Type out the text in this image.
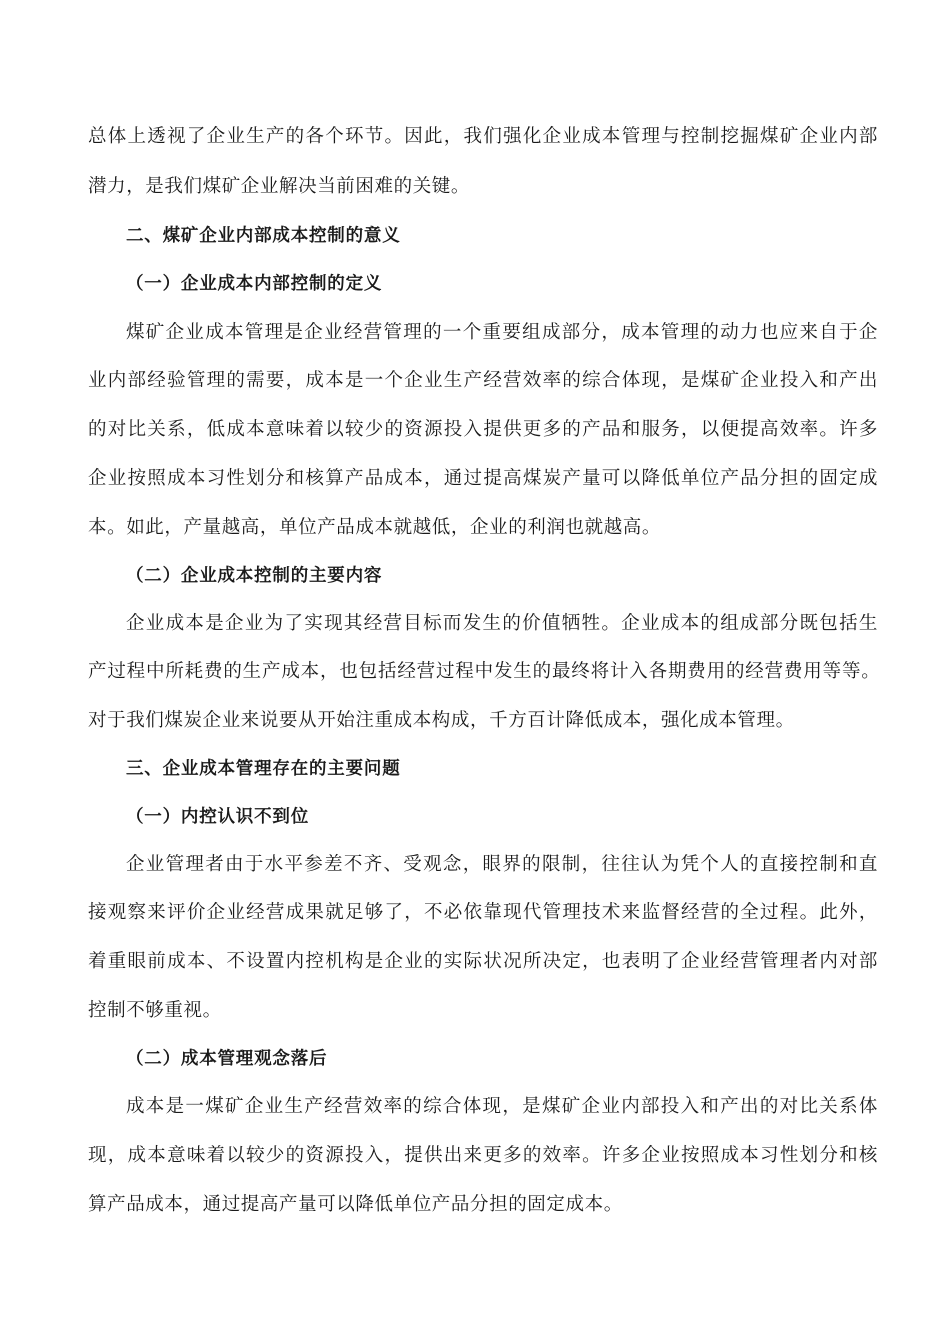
总体上透视了企业生产的各个环节。因此，我们强化企业成本管理与控制挖掘煤矿企业内部
潜力，是我们煤矿企业解决当前困难的关键。
二、煤矿企业内部成本控制的意义
（一）企业成本内部控制的定义
煤矿企业成本管理是企业经营管理的一个重要组成部分，成本管理的动力也应来自于企
业内部经验管理的需要，成本是一个企业生产经营效率的综合体现，是煤矿企业投入和产出
的对比关系，低成本意味着以较少的资源投入提供更多的产品和服务，以便提高效率。许多
企业按照成本习性划分和核算产品成本，通过提高煤炭产量可以降低单位产品分担的固定成
本。如此，产量越高，单位产品成本就越低，企业的利润也就越高。
（二）企业成本控制的主要内容
企业成本是企业为了实现其经营目标而发生的价值牺牲。企业成本的组成部分既包括生
产过程中所耗费的生产成本，也包括经营过程中发生的最终将计入各期费用的经营费用等等。
对于我们煤炭企业来说要从开始注重成本构成，千方百计降低成本，强化成本管理。
三、企业成本管理存在的主要问题
（一）内控认识不到位
企业管理者由于水平参差不齐、受观念，眼界的限制，往往认为凭个人的直接控制和直
接观察来评价企业经营成果就足够了，不必依靠现代管理技术来监督经营的全过程。此外，
着重眼前成本、不设置内控机构是企业的实际状况所决定，也表明了企业经营管理者内对部
控制不够重视。
（二）成本管理观念落后
成本是一煤矿企业生产经营效率的综合体现，是煤矿企业内部投入和产出的对比关系体
现，成本意味着以较少的资源投入，提供出来更多的效率。许多企业按照成本习性划分和核
算产品成本，通过提高产量可以降低单位产品分担的固定成本。
